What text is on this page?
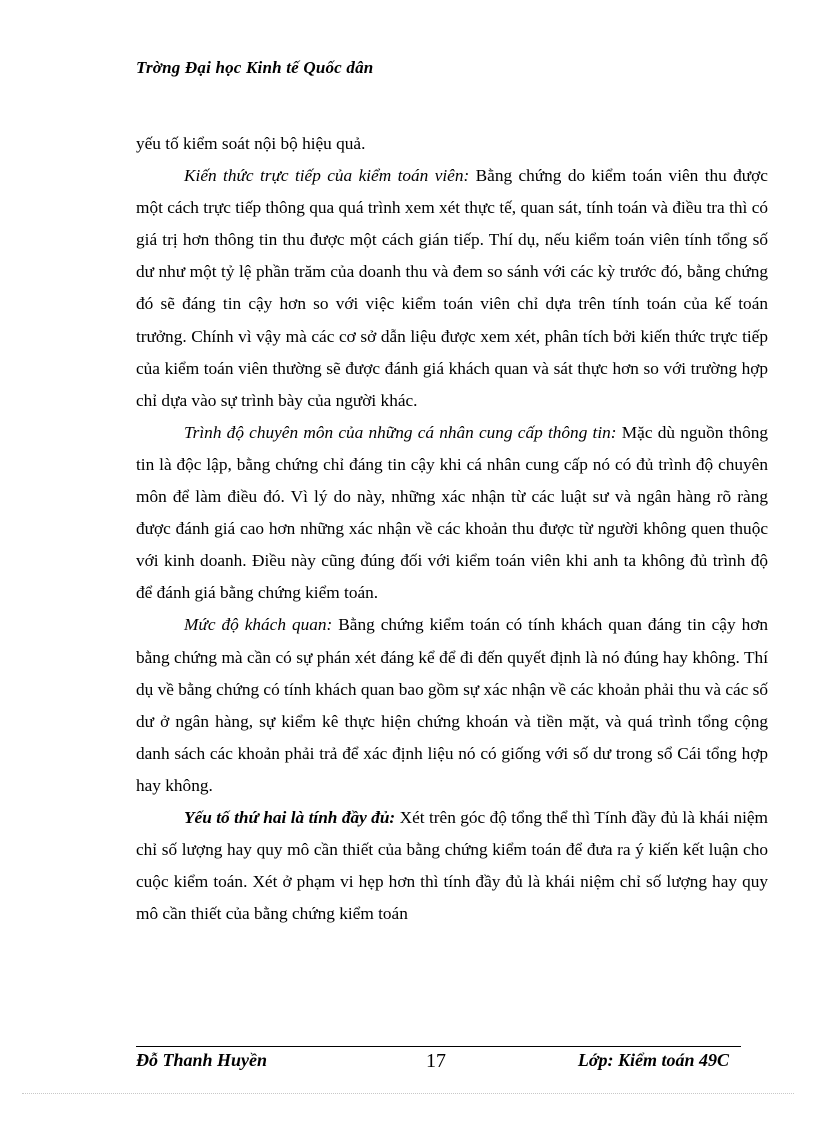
Trờng Đại học Kinh tế Quốc dân

yếu tố kiểm soát nội bộ hiệu quả.

Kiến thức trực tiếp của kiểm toán viên: Bằng chứng do kiểm toán viên thu được một cách trực tiếp thông qua quá trình xem xét thực tế, quan sát, tính toán và điều tra thì có giá trị hơn thông tin thu được một cách gián tiếp. Thí dụ, nếu kiểm toán viên tính tổng số dư như một tỷ lệ phần trăm của doanh thu và đem so sánh với các kỳ trước đó, bằng chứng đó sẽ đáng tin cậy hơn so với việc kiểm toán viên chỉ dựa trên tính toán của kế toán trưởng. Chính vì vậy mà các cơ sở dẫn liệu được xem xét, phân tích bởi kiến thức trực tiếp của kiểm toán viên thường sẽ được đánh giá khách quan và sát thực hơn so với trường hợp chỉ dựa vào sự trình bày của người khác.

Trình độ chuyên môn của những cá nhân cung cấp thông tin: Mặc dù nguồn thông tin là độc lập, bằng chứng chỉ đáng tin cậy khi cá nhân cung cấp nó có đủ trình độ chuyên môn để làm điều đó. Vì lý do này, những xác nhận từ các luật sư và ngân hàng rõ ràng được đánh giá cao hơn những xác nhận về các khoản thu được từ người không quen thuộc với kinh doanh. Điều này cũng đúng đối với kiểm toán viên khi anh ta không đủ trình độ để đánh giá bằng chứng kiểm toán.

Mức độ khách quan: Bằng chứng kiểm toán có tính khách quan đáng tin cậy hơn bằng chứng mà cần có sự phán xét đáng kể để đi đến quyết định là nó đúng hay không. Thí dụ về bằng chứng có tính khách quan bao gồm sự xác nhận về các khoản phải thu và các số dư ở ngân hàng, sự kiểm kê thực hiện chứng khoán và tiền mặt, và quá trình tổng cộng danh sách các khoản phải trả để xác định liệu nó có giống với số dư trong sổ Cái tổng hợp hay không.

Yếu tố thứ hai là tính đầy đủ: Xét trên góc độ tổng thể thì Tính đầy đủ là khái niệm chỉ số lượng hay quy mô cần thiết của bằng chứng kiểm toán để đưa ra ý kiến kết luận cho cuộc kiểm toán. Xét ở phạm vi hẹp hơn thì tính đầy đủ là khái niệm chỉ số lượng hay quy mô cần thiết của bằng chứng kiểm toán

Đỗ Thanh Huyền	17	Lớp: Kiểm toán 49C
